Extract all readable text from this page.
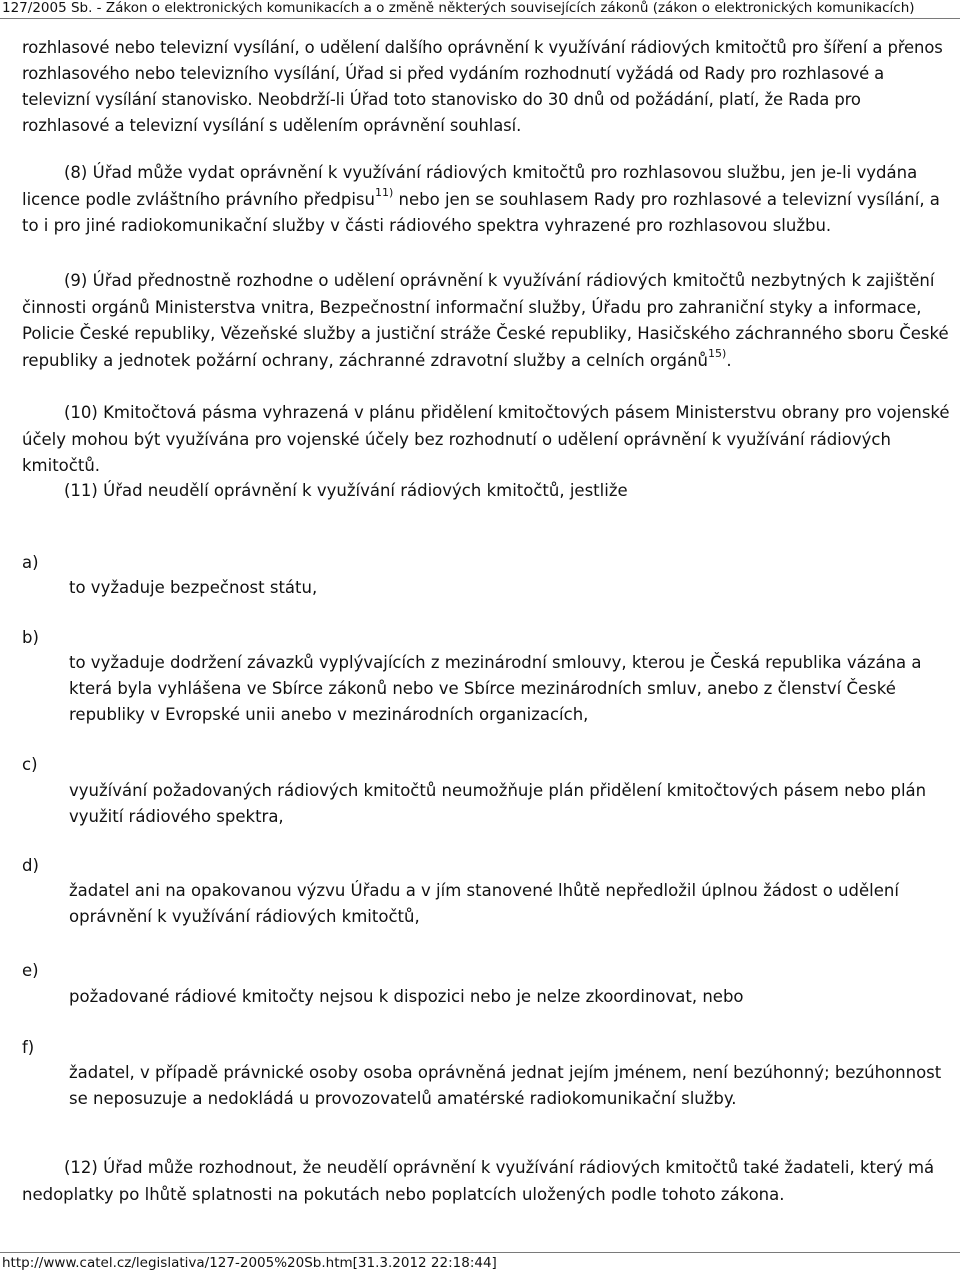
127/2005 Sb. - Zákon o elektronických komunikacích a o změně některých souvisejících zákonů (zákon o elektronických komunikacích)
rozhlasové nebo televizní vysílání, o udělení dalšího oprávnění k využívání rádiových kmitočtů pro šíření a přenos rozhlasového nebo televizního vysílání, Úřad si před vydáním rozhodnutí vyžádá od Rady pro rozhlasové a televizní vysílání stanovisko. Neobdrží-li Úřad toto stanovisko do 30 dnů od požádání, platí, že Rada pro rozhlasové a televizní vysílání s udělením oprávnění souhlasí.
(8) Úřad může vydat oprávnění k využívání rádiových kmitočtů pro rozhlasovou službu, jen je-li vydána licence podle zvláštního právního předpisu$^{11)}$ nebo jen se souhlasem Rady pro rozhlasové a televizní vysílání, a to i pro jiné radiokomunikační služby v části rádiového spektra vyhrazené pro rozhlasovou službu.
(9) Úřad přednostně rozhodne o udělení oprávnění k využívání rádiových kmitočtů nezbytných k zajištění činnosti orgánů Ministerstva vnitra, Bezpečnostní informační služby, Úřadu pro zahraniční styky a informace, Policie České republiky, Vězeňské služby a justiční stráže České republiky, Hasičského záchranného sboru České republiky a jednotek požární ochrany, záchranné zdravotní služby a celních orgánů$^{15)}$.
(10) Kmitočtová pásma vyhrazená v plánu přidělení kmitočtových pásem Ministerstvu obrany pro vojenské účely mohou být využívána pro vojenské účely bez rozhodnutí o udělení oprávnění k využívání rádiových kmitočtů.
(11) Úřad neudělí oprávnění k využívání rádiových kmitočtů, jestliže
a)
to vyžaduje bezpečnost státu,
b)
to vyžaduje dodržení závazků vyplývajících z mezinárodní smlouvy, kterou je Česká republika vázána a která byla vyhlášena ve Sbírce zákonů nebo ve Sbírce mezinárodních smluv, anebo z členství České republiky v Evropské unii anebo v mezinárodních organizacích,
c)
využívání požadovaných rádiových kmitočtů neumožňuje plán přidělení kmitočtových pásem nebo plán využití rádiového spektra,
d)
žadatel ani na opakovanou výzvu Úřadu a v jím stanovené lhůtě nepředložil úplnou žádost o udělení oprávnění k využívání rádiových kmitočtů,
e)
požadované rádiové kmitočty nejsou k dispozici nebo je nelze zkoordinovat, nebo
f)
žadatel, v případě právnické osoby osoba oprávněná jednat jejím jménem, není bezúhonný; bezúhonnost se neposuzuje a nedokládá u provozovatelů amatérské radiokomunikační služby.
(12) Úřad může rozhodnout, že neudělí oprávnění k využívání rádiových kmitočtů také žadateli, který má nedoplatky po lhůtě splatnosti na pokutách nebo poplatcích uložených podle tohoto zákona.
http://www.catel.cz/legislativa/127-2005%20Sb.htm[31.3.2012 22:18:44]
